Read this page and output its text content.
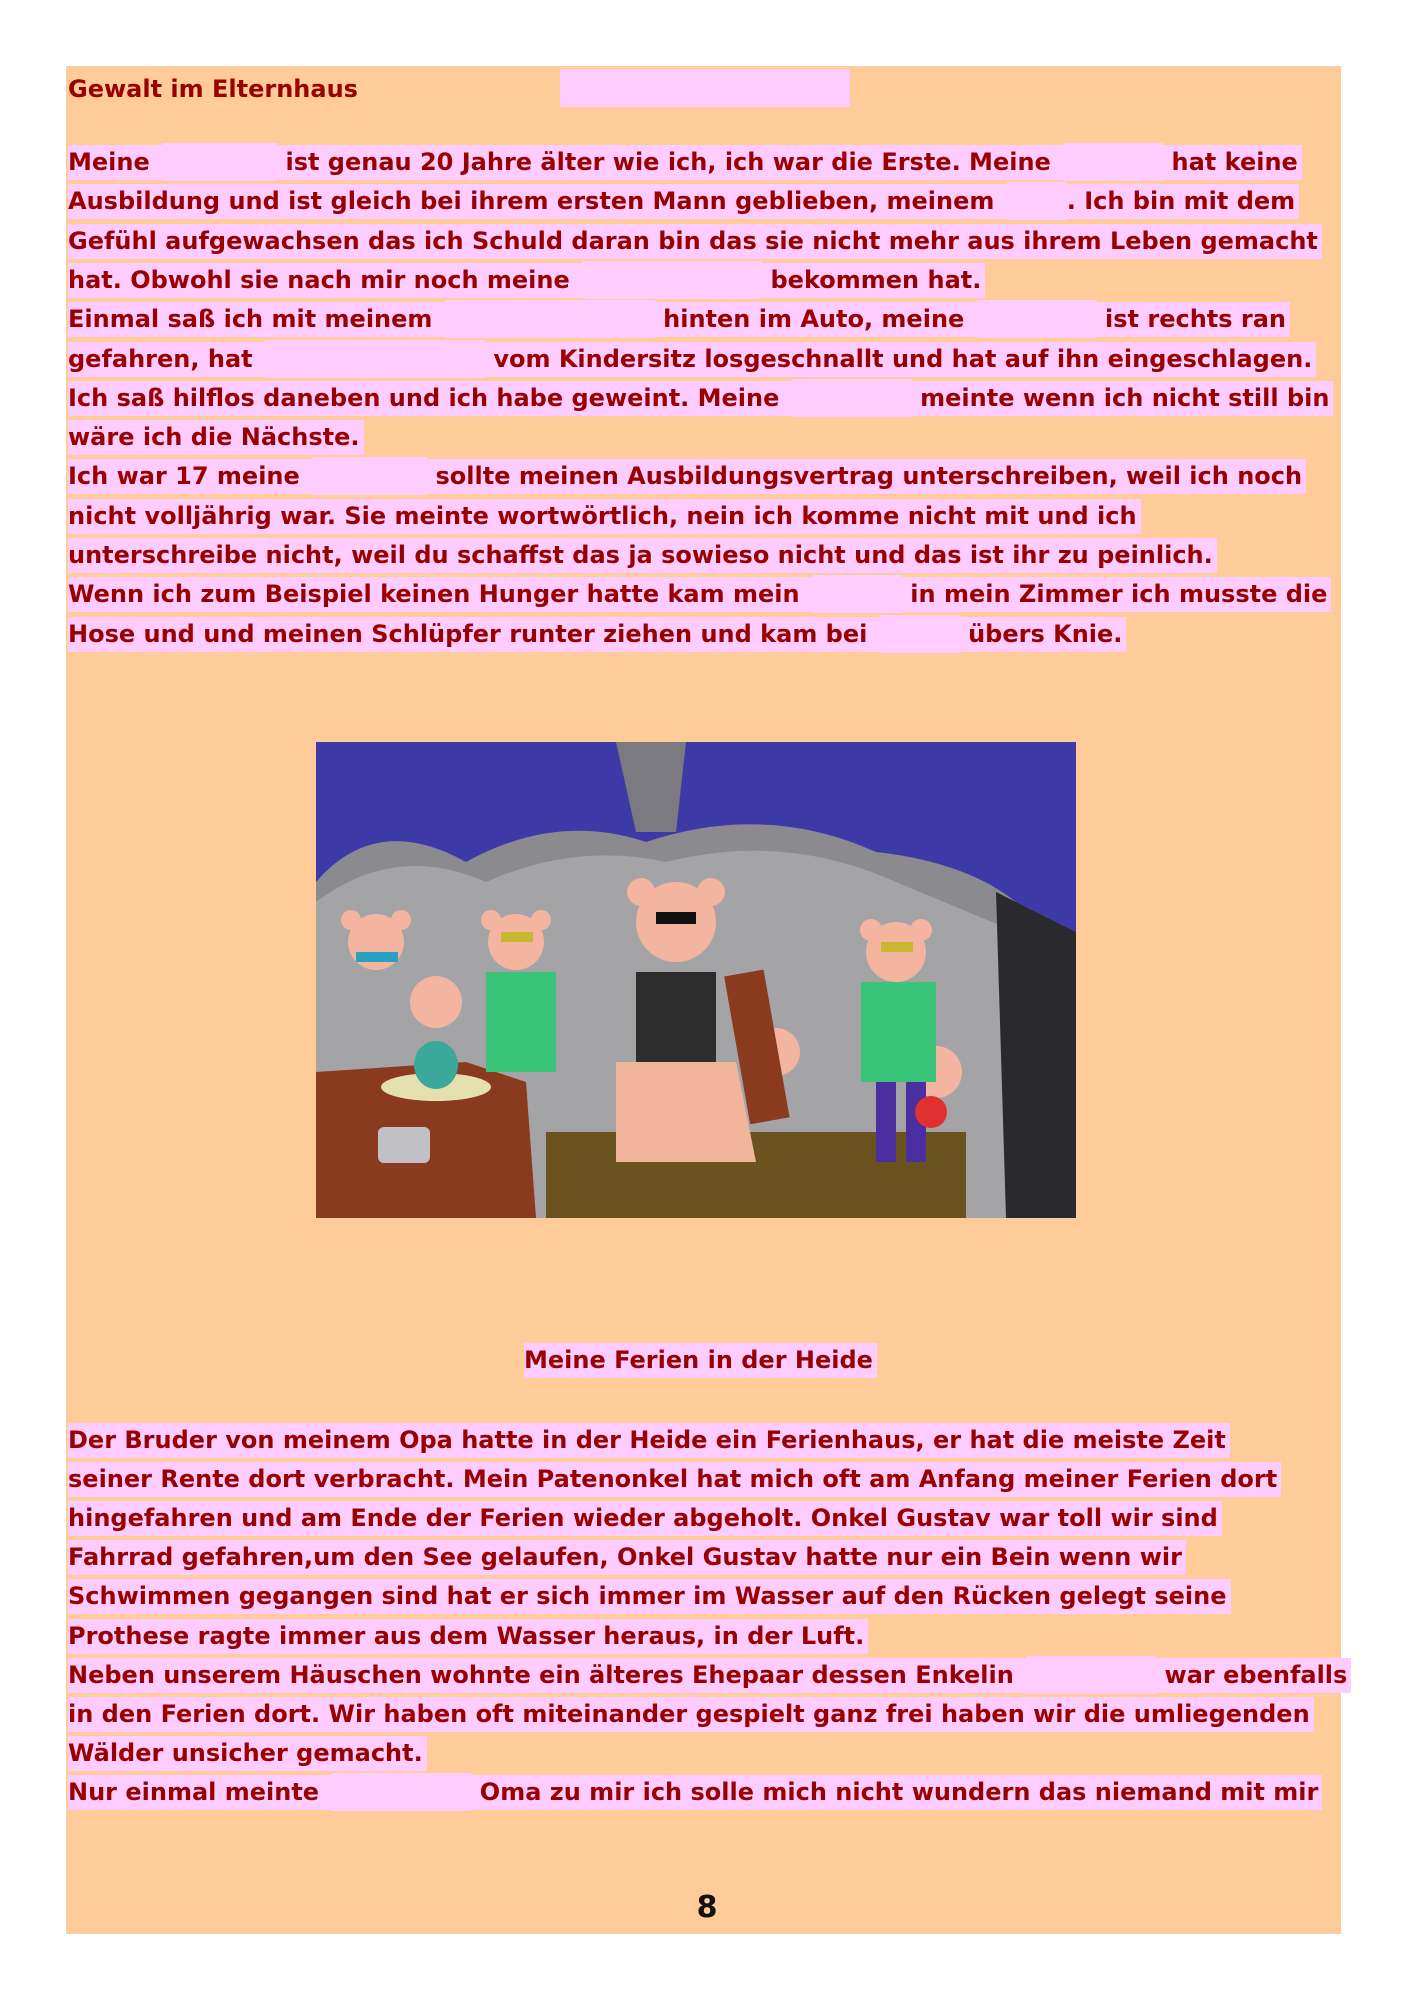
Gewalt im Elternhaus
Meine	ist genau 20 Jahre älter wie ich, ich war die Erste. Meine	hat keine
Ausbildung und ist gleich bei ihrem ersten Mann geblieben, meinem	. Ich bin mit dem
Gefühl aufgewachsen das ich Schuld daran bin das sie nicht mehr aus ihrem Leben gemacht
hat. Obwohl sie nach mir noch meine	bekommen hat.
Einmal saß ich mit meinem	hinten im Auto, meine	ist rechts ran
gefahren, hat	vom Kindersitz losgeschnallt und hat auf ihn eingeschlagen.
Ich saß hilflos daneben und ich habe geweint. Meine	meinte wenn ich nicht still bin
wäre ich die Nächste.
Ich war 17 meine	sollte meinen Ausbildungsvertrag unterschreiben, weil ich noch
nicht volljährig war. Sie meinte wortwörtlich, nein ich komme nicht mit und ich
unterschreibe nicht, weil du schaffst das ja sowieso nicht und das ist ihr zu peinlich.
Wenn ich zum Beispiel keinen Hunger hatte kam mein	in mein Zimmer ich musste die
Hose und und meinen Schlüpfer runter ziehen und kam bei	übers Knie.
Meine Ferien in der Heide
Der Bruder von meinem Opa hatte in der Heide ein Ferienhaus, er hat die meiste Zeit
seiner Rente dort verbracht. Mein Patenonkel hat mich oft am Anfang meiner Ferien dort
hingefahren und am Ende der Ferien wieder abgeholt. Onkel Gustav war toll wir sind
Fahrrad gefahren,um den See gelaufen, Onkel Gustav hatte nur ein Bein wenn wir
Schwimmen gegangen sind hat er sich immer im Wasser auf den Rücken gelegt seine
Prothese ragte immer aus dem Wasser heraus, in der Luft.
Neben unserem Häuschen wohnte ein älteres Ehepaar dessen Enkelin	war ebenfalls
in den Ferien dort. Wir haben oft miteinander gespielt ganz frei haben wir die umliegenden
Wälder unsicher gemacht.
Nur einmal meinte	Oma zu mir ich solle mich nicht wundern das niemand mit mir
8
